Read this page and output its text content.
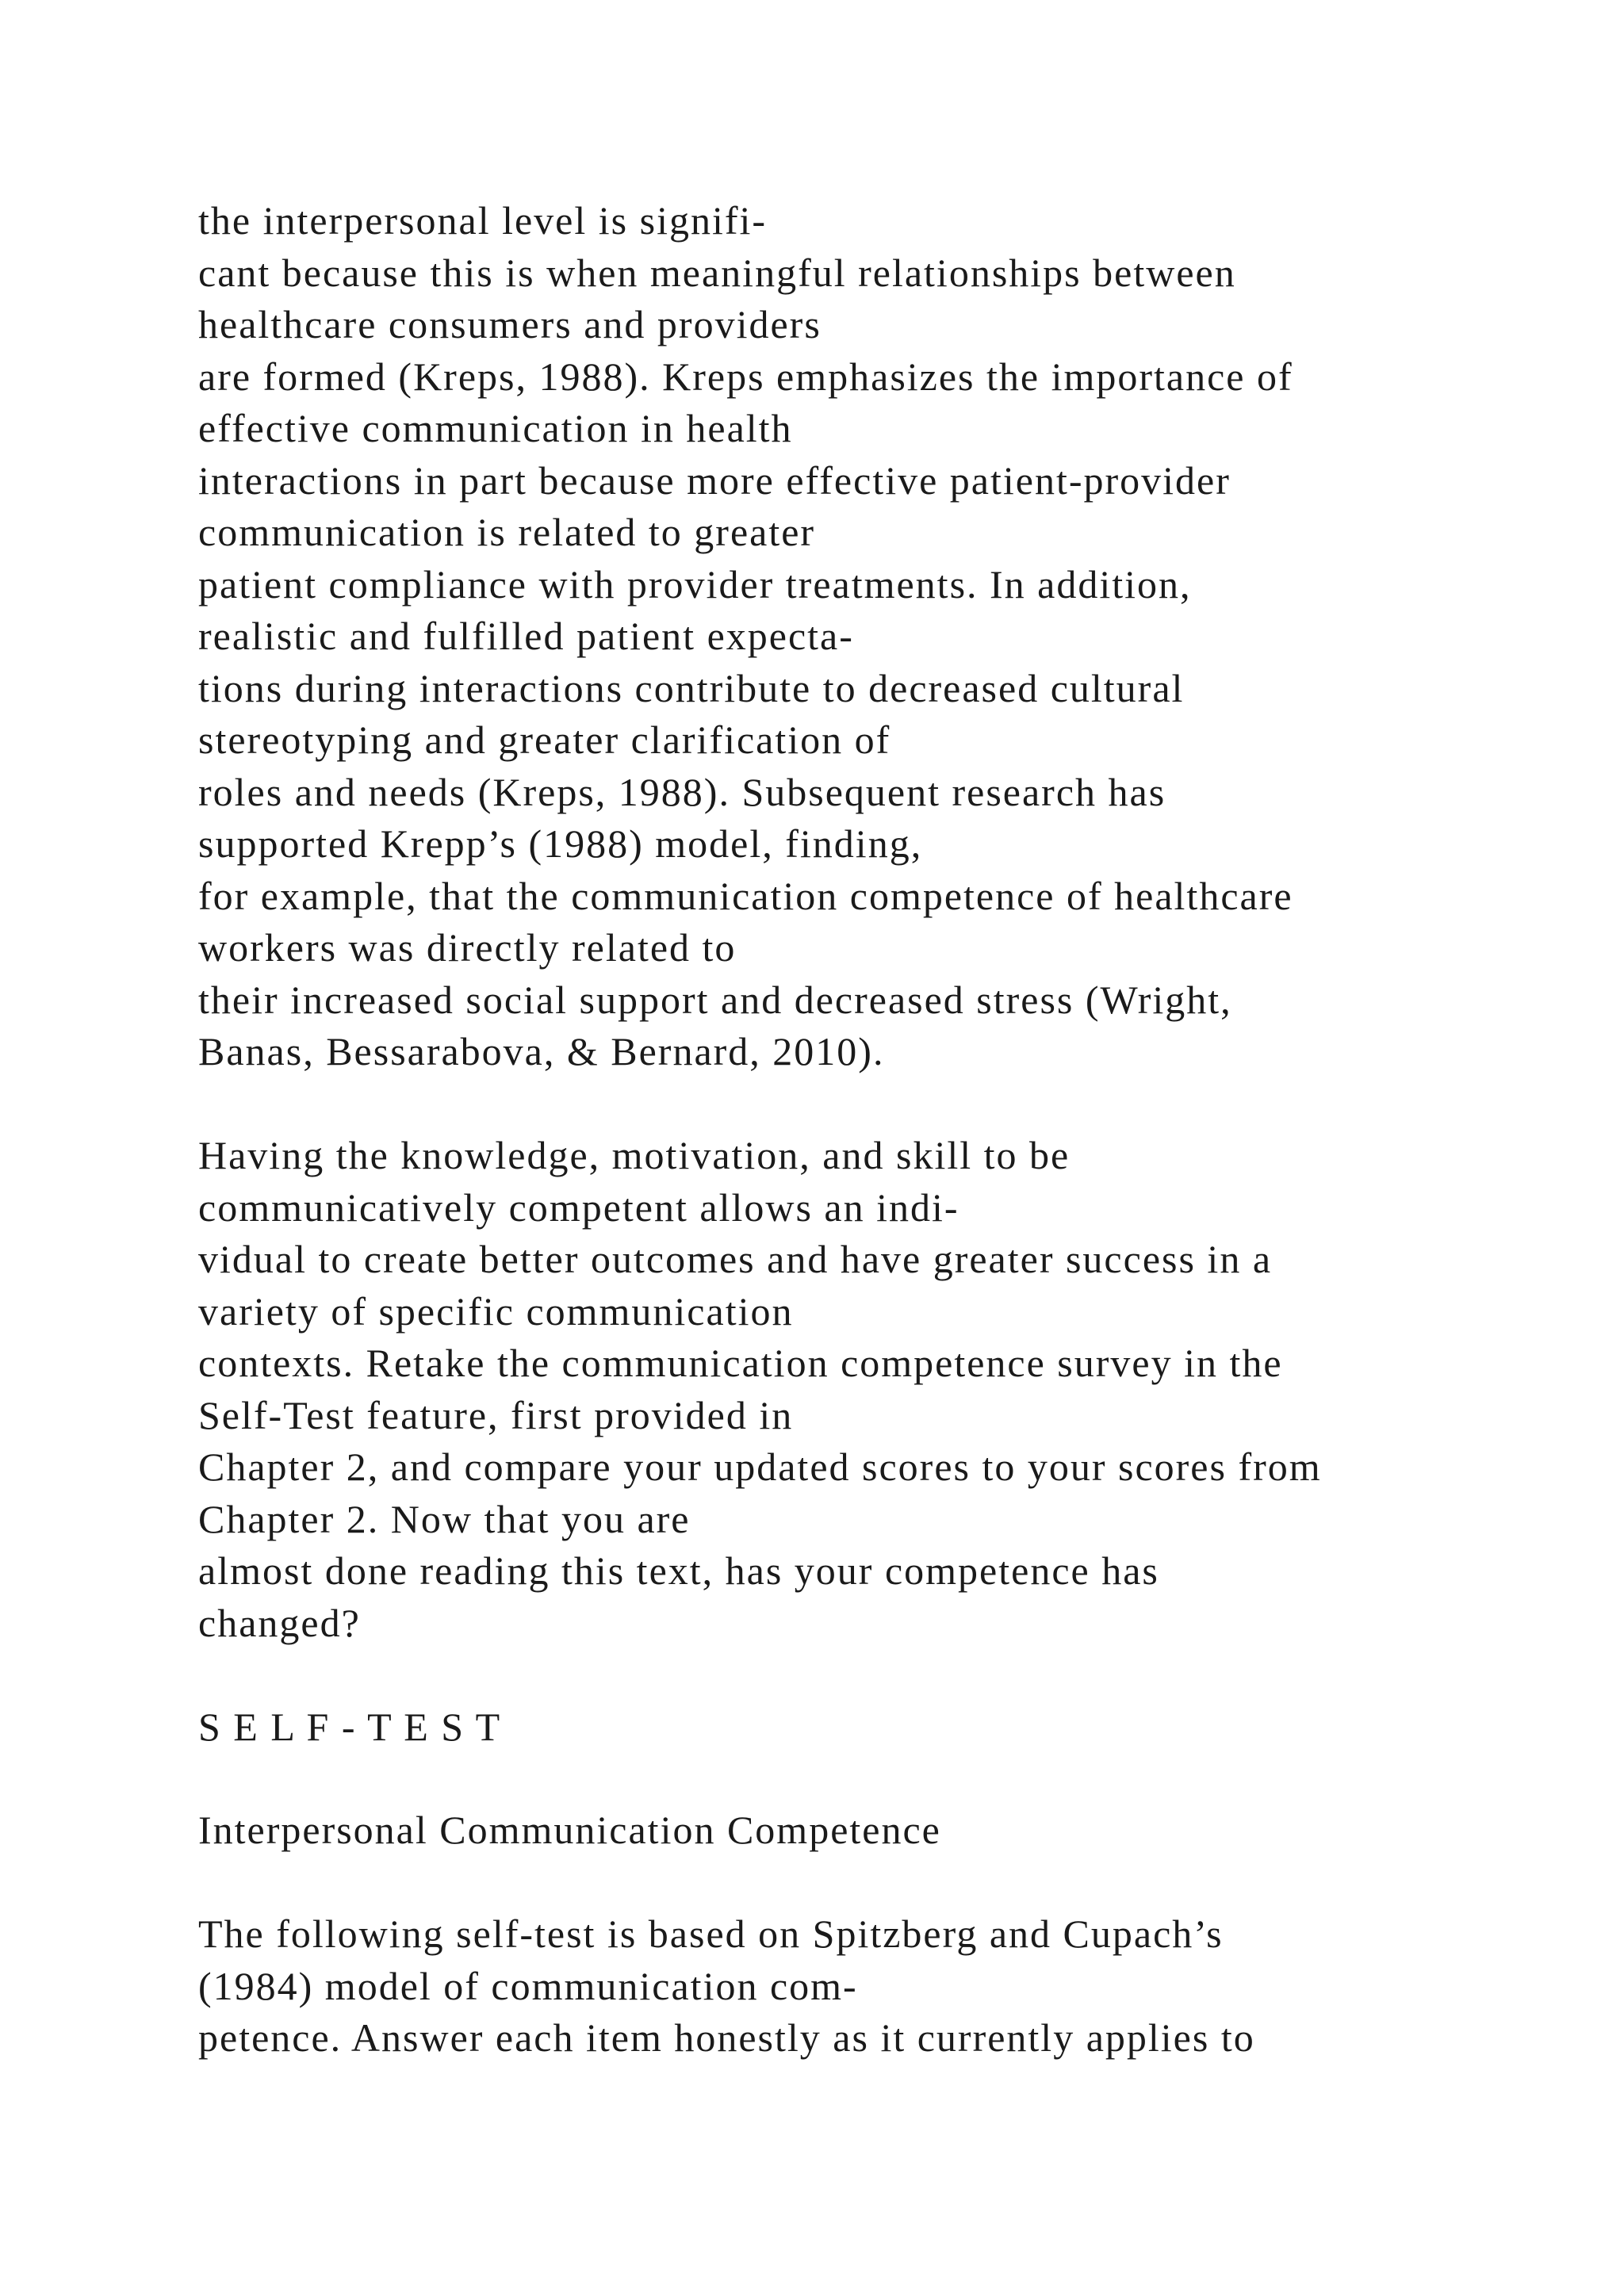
the interpersonal level is signifi-
cant because this is when meaningful relationships between
healthcare consumers and providers
are formed (Kreps, 1988). Kreps emphasizes the importance of
effective communication in health
interactions in part because more effective patient-provider
communication is related to greater
patient compliance with provider treatments. In addition,
realistic and fulfilled patient expecta-
tions during interactions contribute to decreased cultural
stereotyping and greater clarification of
roles and needs (Kreps, 1988). Subsequent research has
supported Krepp’s (1988) model, finding,
for example, that the communication competence of healthcare
workers was directly related to
their increased social support and decreased stress (Wright,
Banas, Bessarabova, & Bernard, 2010).

Having the knowledge, motivation, and skill to be
communicatively competent allows an indi-
vidual to create better outcomes and have greater success in a
variety of specific communication
contexts. Retake the communication competence survey in the
Self-Test feature, first provided in
Chapter 2, and compare your updated scores to your scores from
Chapter 2. Now that you are
almost done reading this text, has your competence has
changed?

S E L F - T E S T

Interpersonal Communication Competence

The following self-test is based on Spitzberg and Cupach’s
(1984) model of communication com-
petence. Answer each item honestly as it currently applies to
